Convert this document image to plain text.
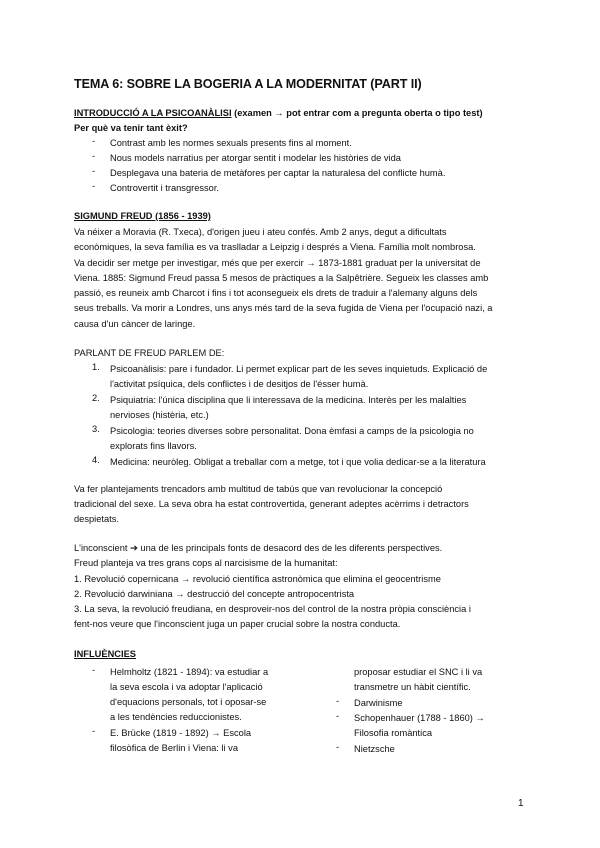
TEMA 6: SOBRE LA BOGERIA A LA MODERNITAT (PART II)
INTRODUCCIÓ A LA PSICOANÀLISI (examen → pot entrar com a pregunta oberta o tipo test)
Per què va tenir tant èxit?
- Contrast amb les normes sexuals presents fins al moment.
- Nous models narratius per atorgar sentit i modelar les històries de vida
- Desplegava una bateria de metàfores per captar la naturalesa del conflicte humà.
- Controvertit i transgressor.
SIGMUND FREUD (1856 - 1939)
Va néixer a Moravia (R. Txeca), d'origen jueu i ateu confés. Amb 2 anys, degut a dificultats
econòmiques, la seva família es va traslladar a Leipzig i després a Viena. Família molt nombrosa.
Va decidir ser metge per investigar, més que per exercir → 1873-1881 graduat per la universitat de
Viena. 1885: Sigmund Freud passa 5 mesos de pràctiques a la Salpêtrière. Segueix les classes amb
passió, es reuneix amb Charcot i fins i tot aconsegueix els drets de traduir a l'alemany alguns dels
seus treballs. Va morir a Londres, uns anys més tard de la seva fugida de Viena per l'ocupació nazi, a
causa d'un càncer de laringe.
PARLANT DE FREUD PARLEM DE:
1. Psicoanàlisis: pare i fundador. Li permet explicar part de les seves inquietuds. Explicació de
l'activitat psíquica, dels conflictes i de desitjos de l'ésser humà.
2. Psiquiatria: l'única disciplina que li interessava de la medicina. Interès per les malalties
nervioses (histèria, etc.)
3. Psicologia: teories diverses sobre personalitat. Dona èmfasi a camps de la psicologia no
explorats fins llavors.
4. Medicina: neuròleg. Obligat a treballar com a metge, tot i que volia dedicar-se a la literatura
Va fer plantejaments trencadors amb multitud de tabús que van revolucionar la concepció
tradicional del sexe. La seva obra ha estat controvertida, generant adeptes acèrrims i detractors
despietats.
L'inconscient ➔ una de les principals fonts de desacord des de les diferents perspectives.
Freud planteja va tres grans cops al narcisisme de la humanitat:
1. Revolució copernicana → revolució científica astronòmica que elimina el geocentrisme
2. Revolució darwiniana → destrucció del concepte antropocentrista
3. La seva, la revolució freudiana, en desproveir-nos del control de la nostra pròpia consciència i
fent-nos veure que l'inconscient juga un paper crucial sobre la nostra conducta.
INFLUÈNCIES
- Helmholtz (1821 - 1894): va estudiar a
la seva escola i va adoptar l'aplicació
d'equacions personals, tot i oposar-se
a les tendències reduccionistes.
- E. Brücke (1819 - 1892) → Escola
filosòfica de Berlin i Viena: li va
proposar estudiar el SNC i li va
transmetre un hàbit científic.
- Darwinisme
- Schopenhauer (1788 - 1860) →
Filosofia romàntica
- Nietzsche
1
